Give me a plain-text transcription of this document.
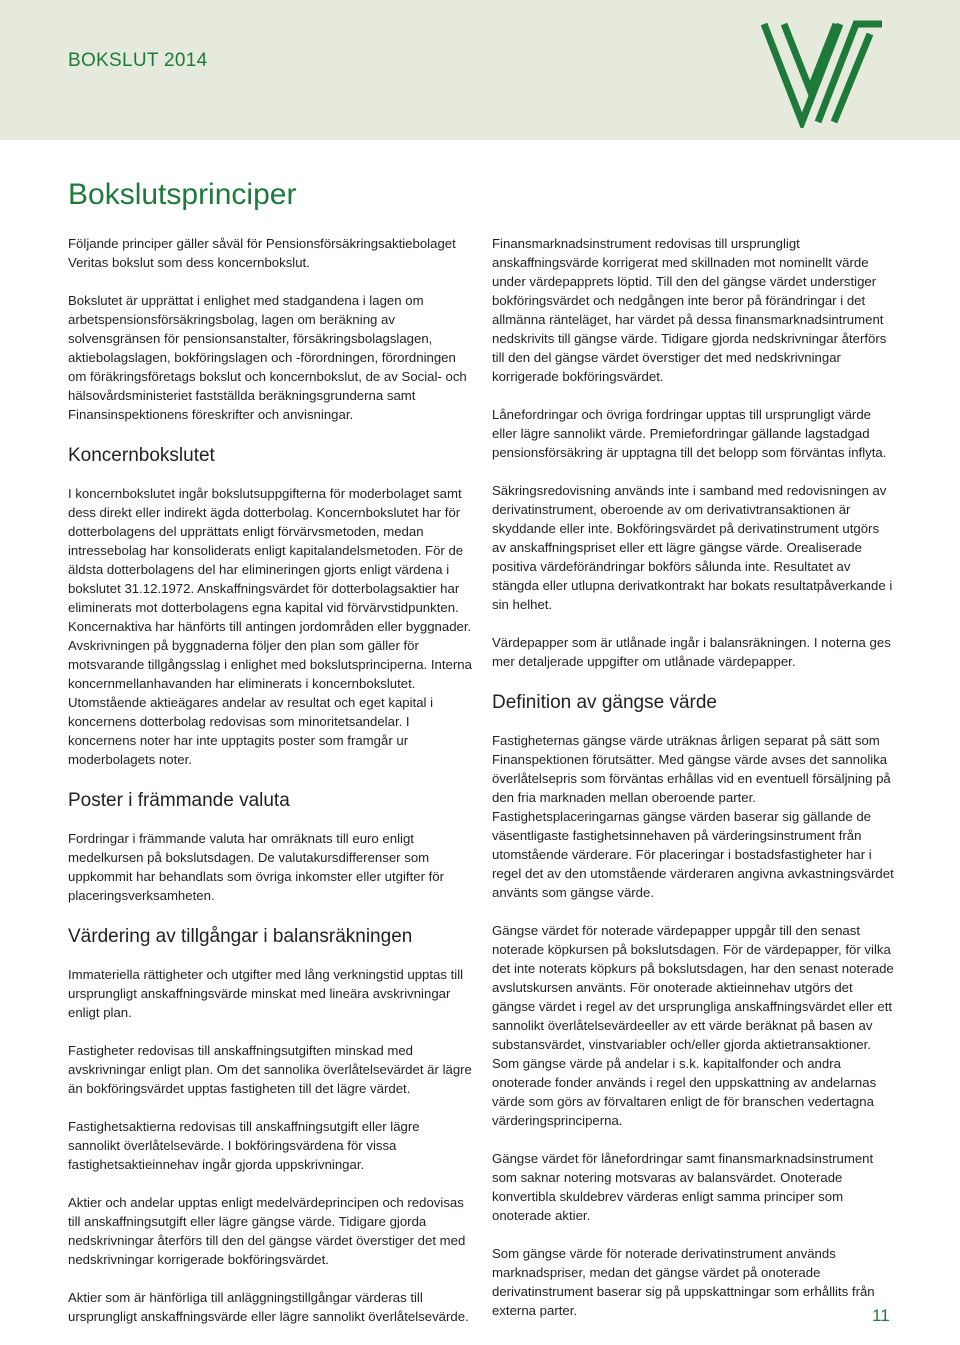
BOKSLUT 2014
Bokslutsprinciper

Följande principer gäller såväl för Pensionsförsäkringsaktiebolaget Veritas bokslut som dess koncernbokslut.

Bokslutet är upprättat i enlighet med stadgandena i lagen om arbetspensionsförsäkringsbolag, lagen om beräkning av solvensgränsen för pensionsanstalter, försäkringsbolagslagen, aktiebolagslagen, bokföringslagen och -förordningen, förordningen om föräkringsföretags bokslut och koncernbokslut, de av Social- och hälsovårdsministeriet fastställda beräkningsgrunderna samt Finansinspektionens föreskrifter och anvisningar.

Koncernbokslutet

I koncernbokslutet ingår bokslutsuppgifterna för moderbolaget samt dess direkt eller indirekt ägda dotterbolag. Koncernbokslutet har för dotterbolagens del upprättats enligt förvärvsmetoden, medan intressebolag har konsoliderats enligt kapitalandelsmetoden. För de äldsta dotterbolagens del har elimineringen gjorts enligt värdena i bokslutet 31.12.1972. Anskaffningsvärdet för dotterbolagsaktier har eliminerats mot dotterbolagens egna kapital vid förvärvstidpunkten. Koncernaktiva har hänförts till antingen jordområden eller byggnader. Avskrivningen på byggnaderna följer den plan som gäller för motsvarande tillgångsslag i enlighet med bokslutsprinciperna. Interna koncernmellanhavanden har eliminerats i koncernbokslutet. Utomstående aktieägares andelar av resultat och eget kapital i koncernens dotterbolag redovisas som minoritetsandelar. I koncernens noter har inte upptagits poster som framgår ur moderbolagets noter.

Poster i främmande valuta

Fordringar i främmande valuta har omräknats till euro enligt medelkursen på bokslutsdagen. De valutakursdifferenser som uppkommit har behandlats som övriga inkomster eller utgifter för placeringsverksamheten.

Värdering av tillgångar i balansräkningen

Immateriella rättigheter och utgifter med lång verkningstid upptas till ursprungligt anskaffningsvärde minskat med lineära avskrivningar enligt plan.

Fastigheter redovisas till anskaffningsutgiften minskad med avskrivningar enligt plan. Om det sannolika överlåtelsevärdet är lägre än bokföringsvärdet upptas fastigheten till det lägre värdet.

Fastighetsaktierna redovisas till anskaffningsutgift eller lägre sannolikt överlåtelsevärde. I bokföringsvärdena för vissa fastighetsaktieinnehav ingår gjorda uppskrivningar.

Aktier och andelar upptas enligt medelvärdeprincipen och redovisas till anskaffningsutgift eller lägre gängse värde. Tidigare gjorda nedskrivningar återförs till den del gängse värdet överstiger det med nedskrivningar korrigerade bokföringsvärdet.

Aktier som är hänförliga till anläggningstillgångar värderas till ursprungligt anskaffningsvärde eller lägre sannolikt överlåtelsevärde.

Finansmarknadsinstrument redovisas till ursprungligt anskaffningsvärde korrigerat med skillnaden mot nominellt värde under värdepapprets löptid. Till den del gängse värdet understiger bokföringsvärdet och nedgången inte beror på förändringar i det allmänna ränteläget, har värdet på dessa finansmarknadsintrument nedskrivits till gängse värde. Tidigare gjorda nedskrivningar återförs till den del gängse värdet överstiger det med nedskrivningar korrigerade bokföringsvärdet.

Lånefordringar och övriga fordringar upptas till ursprungligt värde eller lägre sannolikt värde. Premiefordringar gällande lagstadgad pensionsförsäkring är upptagna till det belopp som förväntas inflyta.

Säkringsredovisning används inte i samband med redovisningen av derivatinstrument, oberoende av om derivativtransaktionen är skyddande eller inte. Bokföringsvärdet på derivatinstrument utgörs av anskaffningspriset eller ett lägre gängse värde. Orealiserade positiva värdeförändringar bokförs sålunda inte. Resultatet av stängda eller utlupna derivatkontrakt har bokats resultatpåverkande i sin helhet.

Värdepapper som är utlånade ingår i balansräkningen. I noterna ges mer detaljerade uppgifter om utlånade värdepapper.

Definition av gängse värde

Fastigheternas gängse värde uträknas årligen separat på sätt som Finanspektionen förutsätter. Med gängse värde avses det sannolika överlåtelsepris som förväntas erhållas vid en eventuell försäljning på den fria marknaden mellan oberoende parter. Fastighetsplaceringarnas gängse värden baserar sig gällande de väsentligaste fastighetsinnehaven på värderingsinstrument från utomstående värderare. För placeringar i bostadsfastigheter har i regel det av den utomstående värderaren angivna avkastningsvärdet använts som gängse värde.

Gängse värdet för noterade värdepapper uppgår till den senast noterade köpkursen på bokslutsdagen. För de värdepapper, för vilka det inte noterats köpkurs på bokslutsdagen, har den senast noterade avslutskursen använts. För onoterade aktieinnehav utgörs det gängse värdet i regel av det ursprungliga anskaffningsvärdet eller ett sannolikt överlåtelsevärdeeller av ett värde beräknat på basen av substansvärdet, vinstvariabler och/eller gjorda aktietransaktioner. Som gängse värde på andelar i s.k. kapitalfonder och andra onoterade fonder används i regel den uppskattning av andelarnas värde som görs av förvaltaren enligt de för branschen vedertagna värderingsprinciperna.

Gängse värdet för lånefordringar samt finansmarknadsinstrument som saknar notering motsvaras av balansvärdet. Onoterade konvertibla skuldebrev värderas enligt samma principer som onoterade aktier.

Som gängse värde för noterade derivatinstrument används marknadspriser, medan det gängse värdet på onoterade derivatinstrument baserar sig på uppskattningar som erhållits från externa parter.	11
